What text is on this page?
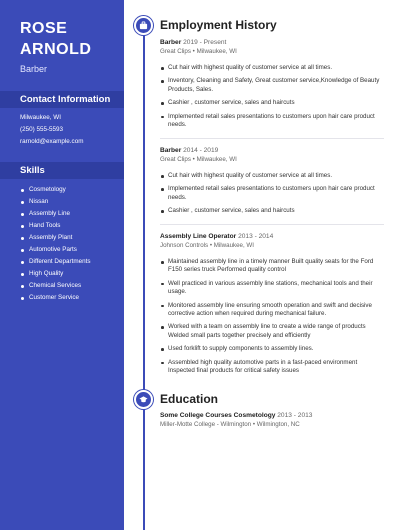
ROSE
ARNOLD
Barber
Contact Information
Milwaukee, WI
(250) 555-5593
rarnold@example.com
Skills
Cosmetology
Nissan
Assembly Line
Hand Tools
Assembly Plant
Automotive Parts
Different Departments
High Quality
Chemical Services
Customer Service
Employment History
Barber 2019 - Present
Great Clips • Milwaukee, WI
Cut hair with highest quality of customer service at all times.
Inventory, Cleaning and Safety, Great customer service,Knowledge of Beauty Products, Sales.
Cashier , customer service, sales and haircuts
Implemented retail sales presentations to customers upon hair care product needs.
Barber 2014 - 2019
Great Clips • Milwaukee, WI
Cut hair with highest quality of customer service at all times.
Implemented retail sales presentations to customers upon hair care product needs.
Cashier , customer service, sales and haircuts
Assembly Line Operator 2013 - 2014
Johnson Controls • Milwaukee, WI
Maintained assembly line in a timely manner Built quality seats for the Ford F150 series truck Performed quality control
Well practiced in various assembly line stations, mechanical tools and their usage.
Monitored assembly line ensuring smooth operation and swift and decisive corrective action when required during mechanical failure.
Worked with a team on assembly line to create a wide range of products Welded small parts together precisely and efficiently
Used forklift to supply components to assembly lines.
Assembled high quality automotive parts in a fast-paced environment Inspected final products for critical safety issues
Education
Some College Courses Cosmetology 2013 - 2013
Miller-Motte College - Wilmington • Wilmington, NC
